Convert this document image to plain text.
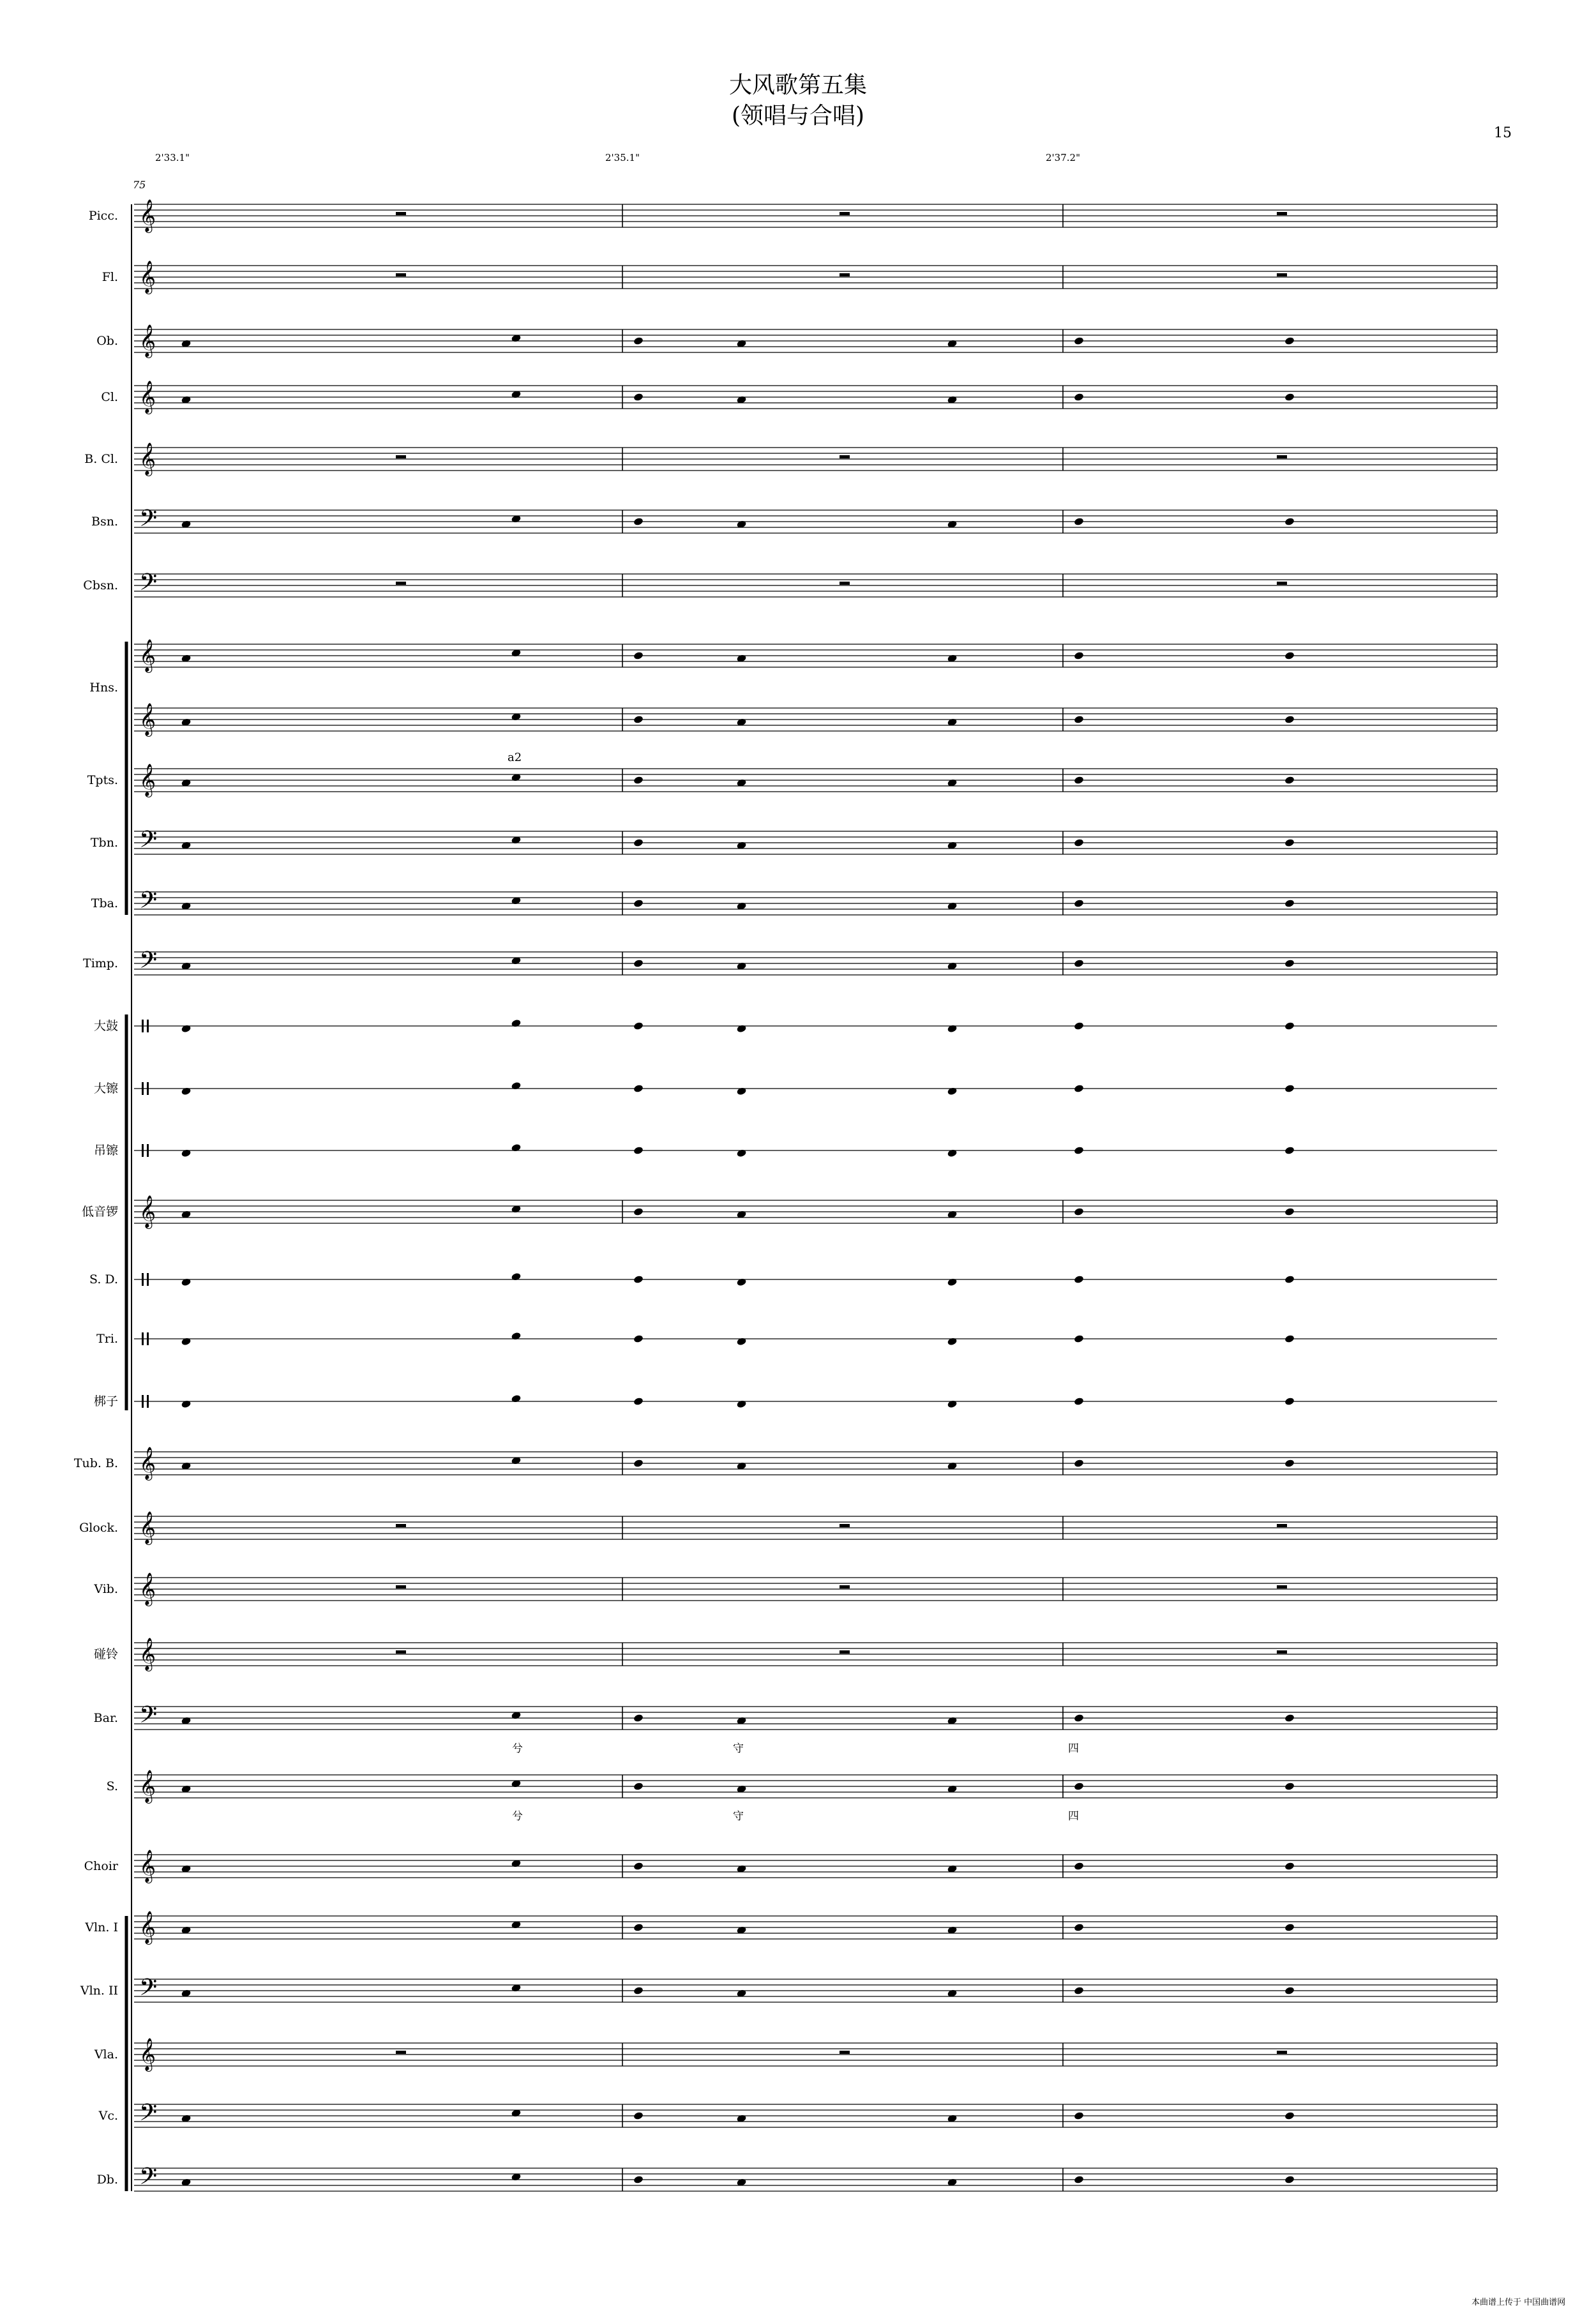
大风歌第五集
(领唱与合唱)
15
2'33.1"	2'35.1"	2'37.2"
75
𝄞
𝄞
𝄞
𝄞
𝄞
𝄢
𝄢
𝄞
𝄞
𝄞
𝄢
𝄢
𝄢
𝄞
𝄞
𝄞
𝄞
𝄞
𝄢
𝄞
𝄞
𝄞
𝄢
𝄞
𝄢
𝄢
Picc.
Fl.
Ob.
Cl.
B. Cl.
Bsn.
Cbsn.
Hns.
Tpts.
Tbn.
Tba.
Timp.
大鼓
大镲
吊镲
低音锣
S. D.
Tri.
梆子
Tub. B.
Glock.
Vib.
碰铃
Bar.
S.
Choir
Vln. I
Vln. II
Vla.
Vc.
Db.
a2
兮	守	四
兮	守	四
本曲谱上传于 中国曲谱网
